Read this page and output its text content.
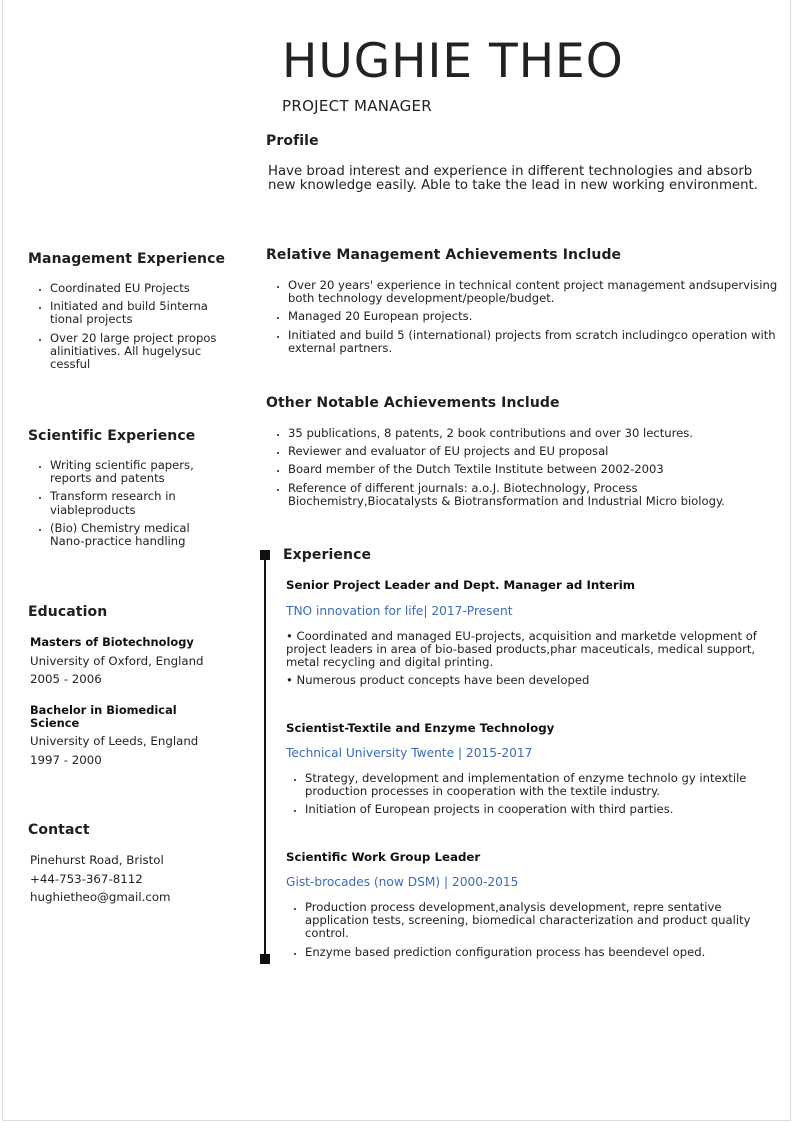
HUGHIE THEO
PROJECT MANAGER
Profile
Have broad interest and experience in different technologies and absorb new knowledge easily. Able to take the lead in new working environment.
Management Experience
• Coordinated EU Projects
• Initiated and build 5interna tional projects
• Over 20 large project propos alinitiatives. All hugelysuc cessful
Scientific Experience
• Writing scientific papers, reports and patents
• Transform research in viableproducts
• (Bio) Chemistry medical Nano-practice handling
Education
Masters of Biotechnology
University of Oxford, England
2005 - 2006
Bachelor in Biomedical Science
University of Leeds, England
1997 - 2000
Contact
Pinehurst Road, Bristol
+44-753-367-8112
hughietheo@gmail.com
Relative Management Achievements Include
• Over 20 years' experience in technical content project management andsupervising both technology development/people/budget.
• Managed 20 European projects.
• Initiated and build 5 (international) projects from scratch includingco operation with external partners.
Other Notable Achievements Include
• 35 publications, 8 patents, 2 book contributions and over 30 lectures.
• Reviewer and evaluator of EU projects and EU proposal
• Board member of the Dutch Textile Institute between 2002-2003
• Reference of different journals: a.o.J. Biotechnology, Process Biochemistry,Biocatalysts & Biotransformation and Industrial Micro biology.
Experience
Senior Project Leader and Dept. Manager ad Interim
TNO innovation for life| 2017-Present
• Coordinated and managed EU-projects, acquisition and marketde velopment of project leaders in area of bio-based products,phar maceuticals, medical support, metal recycling and digital printing.
• Numerous product concepts have been developed
Scientist-Textile and Enzyme Technology
Technical University Twente | 2015-2017
• Strategy, development and implementation of enzyme technolo gy intextile production processes in cooperation with the textile industry.
• Initiation of European projects in cooperation with third parties.
Scientific Work Group Leader
Gist-brocades (now DSM) | 2000-2015
• Production process development,analysis development, repre sentative application tests, screening, biomedical characterization and product quality control.
• Enzyme based prediction configuration process has beendevel oped.
